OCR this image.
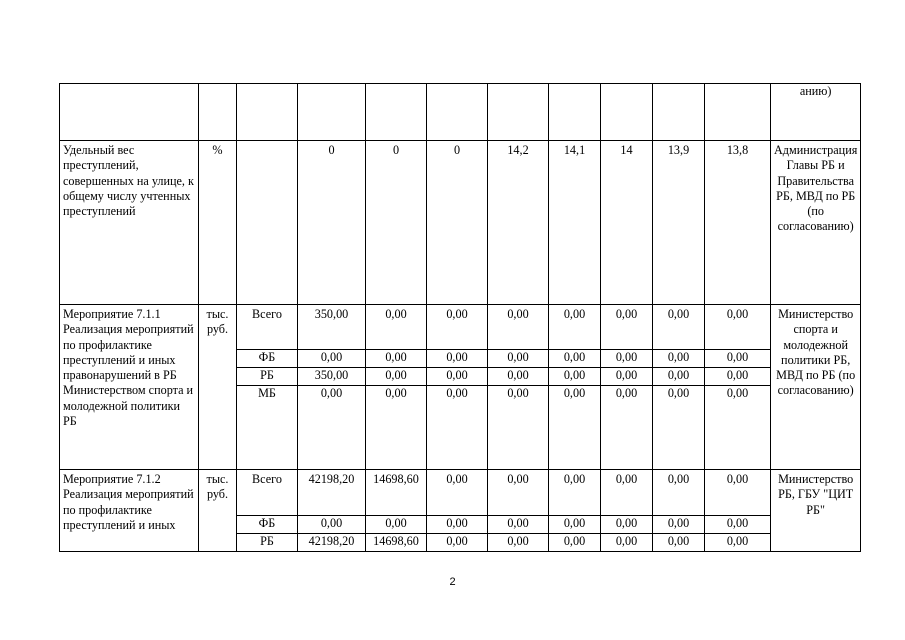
											анию)
Удельный вес преступлений, совершенных на улице, к общему числу учтенных преступлений	%		0	0	0	14,2	14,1	14	13,9	13,8	Администрация Главы РБ и Правительства РБ, МВД по РБ (по согласованию)
Мероприятие 7.1.1 Реализация мероприятий по профилактике преступлений и иных правонарушений в РБ Министерством спорта и молодежной политики РБ	тыс. руб.	Всего	350,00	0,00	0,00	0,00	0,00	0,00	0,00	0,00	Министерство спорта и молодежной политики РБ, МВД по РБ (по согласованию)
		ФБ	0,00	0,00	0,00	0,00	0,00	0,00	0,00	0,00	
		РБ	350,00	0,00	0,00	0,00	0,00	0,00	0,00	0,00	
		МБ	0,00	0,00	0,00	0,00	0,00	0,00	0,00	0,00	
Мероприятие 7.1.2 Реализация мероприятий по профилактике преступлений и иных	тыс. руб.	Всего	42198,20	14698,60	0,00	0,00	0,00	0,00	0,00	0,00	Министерство РБ, ГБУ "ЦИТ РБ"
		ФБ	0,00	0,00	0,00	0,00	0,00	0,00	0,00	0,00	
		РБ	42198,20	14698,60	0,00	0,00	0,00	0,00	0,00	0,00	
2
